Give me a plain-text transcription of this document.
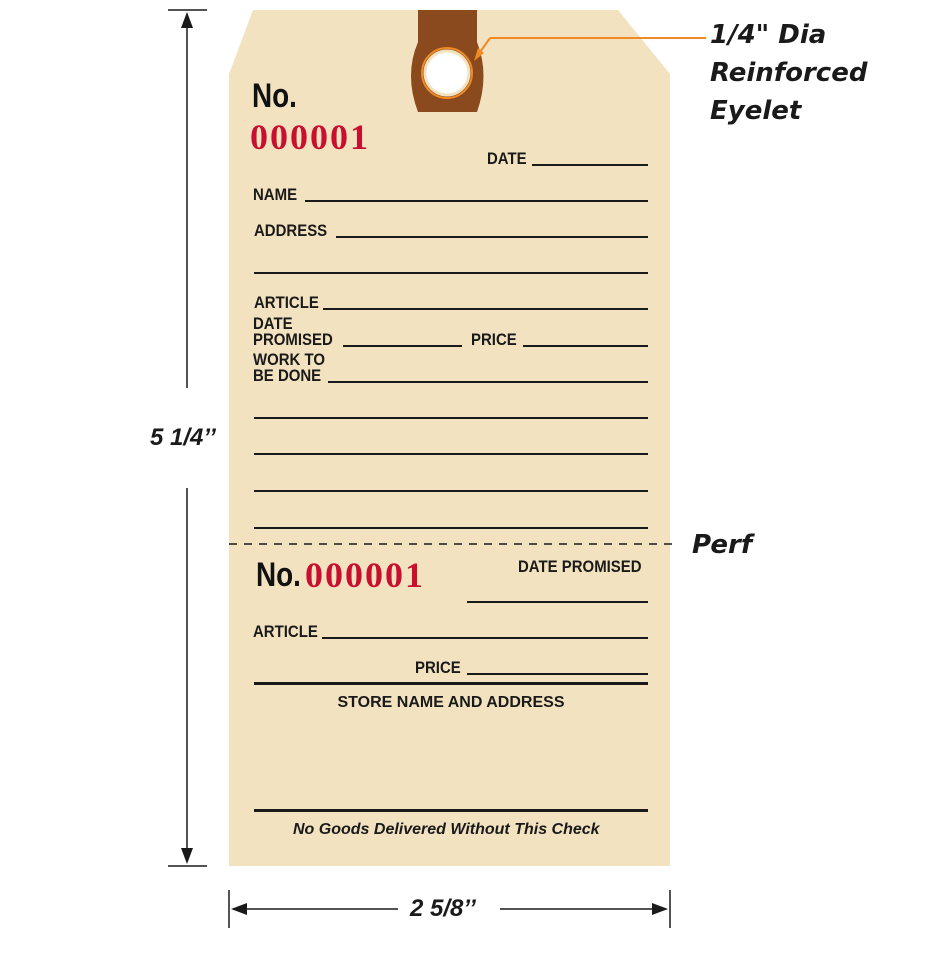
1/4" Dia
Reinforced
Eyelet
Perf
5 1/4’’
2 5/8’’
No.
000001
DATE
NAME
ADDRESS
ARTICLE
DATE
PROMISED	PRICE
WORK TO
BE DONE
No. 000001	DATE PROMISED
ARTICLE
PRICE
STORE NAME AND ADDRESS
No Goods Delivered Without This Check
